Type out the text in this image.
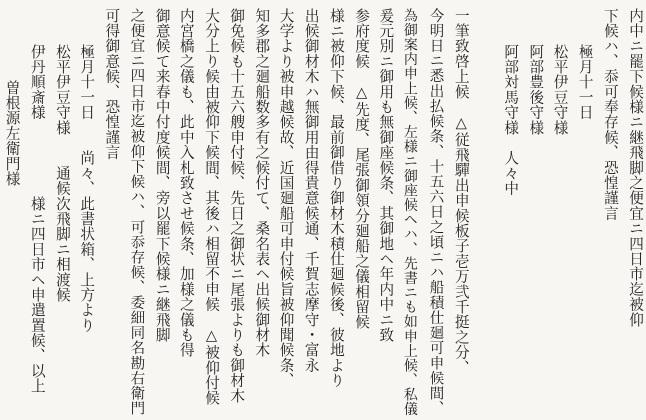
内中ニ罷下候様ニ継飛脚之便宜ニ四日市迄被仰
下候ハ、忝可奉存候、恐惶謹言
極月十一日
松平伊豆守様
阿部豊後守様
阿部対馬守様　人々中
一筆致啓上候　△従飛驒出申候板子壱万弐千挺之分、
今明日ニ悉出払候条、十五六日之頃ニハ船積仕廻可申候間、
為御案内申上候、左様ニ御座候ヘハ、先書ニも如申上候、私儀
爰元別ニ御用も無御座候条、其御地ヘ年内中ニ致
参府度候　△先度、尾張御領分廻船之儀相留候
様ニ被仰下候、最前御借り御材木積仕廻候後、彼地より
出候御材木ハ無御用由得貴意候通、千賀志摩守・富永
大学より被申越候故、近国廻船可申付候旨被仰聞候条、
知多郡之廻船数多有之候付て、桑名表ヘ出候御材木
御免候も十五六艘申付候、先日之御状ニ尾張よりも御材木
大分上り候由被仰下候間、其後ハ相留不申候　△被仰付候
内宮橋之儀も、此中入札致させ候条、加様之儀も得
御意候て来春中付度候間、旁以罷下候様ニ継飛脚
之便宜ニ四日市迄被仰下候ハ、可忝存候、委細同名勘右衛門
可得御意候、恐惶謹言
極月十一日　　尚々、此書状箱、上方より
松平伊豆守様　　通候次飛脚ニ相渡候
伊丹順斎様　　　　　様ニ四日市ヘ申遣置候、以上
曽根源左衛門様
